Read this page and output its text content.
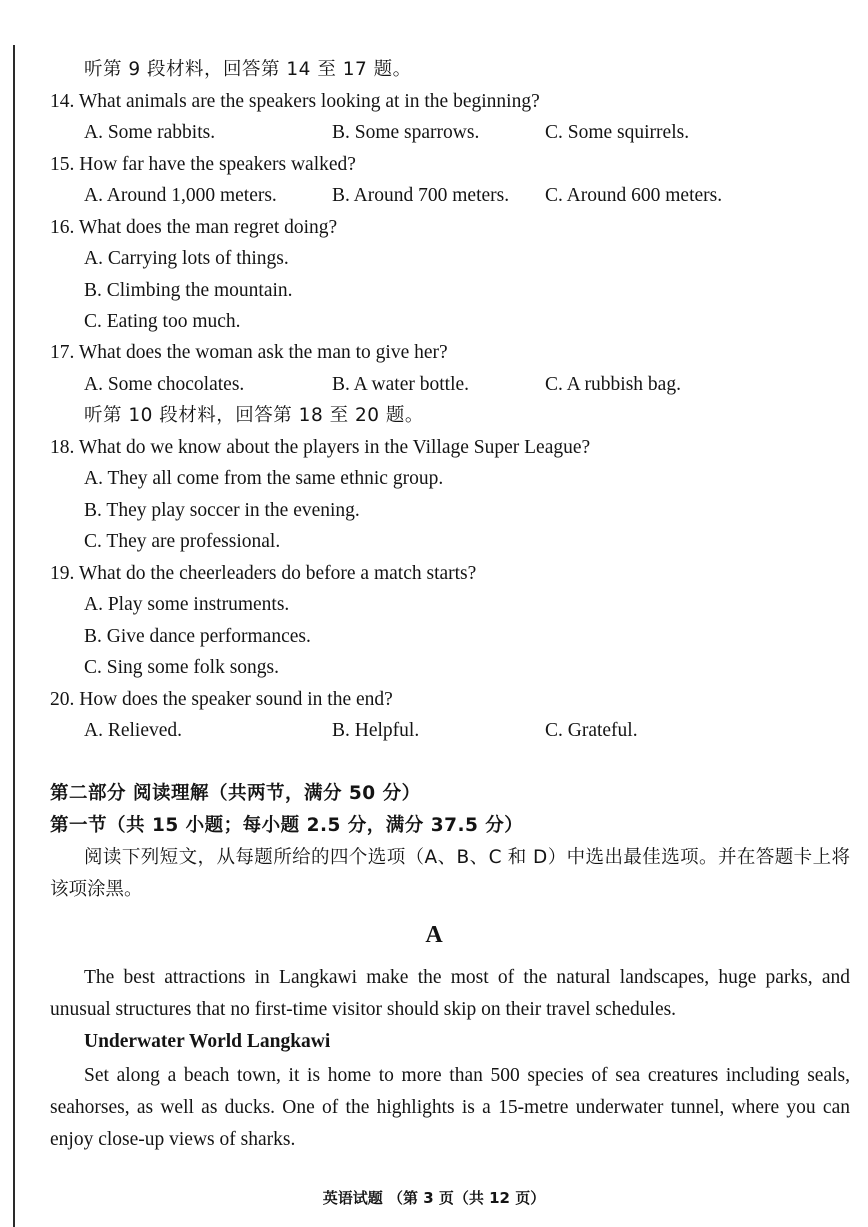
听第 9 段材料，回答第 14 至 17 题。
14. What animals are the speakers looking at in the beginning?
A. Some rabbits.	B. Some sparrows.	C. Some squirrels.
15. How far have the speakers walked?
A. Around 1,000 meters.	B. Around 700 meters. C. Around 600 meters.
16. What does the man regret doing?
A. Carrying lots of things.
B. Climbing the mountain.
C. Eating too much.
17. What does the woman ask the man to give her?
A. Some chocolates.	B. A water bottle.	C. A rubbish bag.
听第 10 段材料，回答第 18 至 20 题。
18. What do we know about the players in the Village Super League?
A. They all come from the same ethnic group.
B. They play soccer in the evening.
C. They are professional.
19. What do the cheerleaders do before a match starts?
A. Play some instruments.
B. Give dance performances.
C. Sing some folk songs.
20. How does the speaker sound in the end?
A. Relieved.	B. Helpful.	C. Grateful.
第二部分 阅读理解（共两节，满分 50 分）
第一节（共 15 小题；每小题 2.5 分，满分 37.5 分）
阅读下列短文，从每题所给的四个选项（A、B、C 和 D）中选出最佳选项。并在答题卡上将该项涂黑。
A
The best attractions in Langkawi make the most of the natural landscapes, huge parks, and unusual structures that no first-time visitor should skip on their travel schedules.
Underwater World Langkawi
Set along a beach town, it is home to more than 500 species of sea creatures including seals, seahorses, as well as ducks. One of the highlights is a 15-metre underwater tunnel, where you can enjoy close-up views of sharks.
英语试题 （第 3 页（共 12 页）
